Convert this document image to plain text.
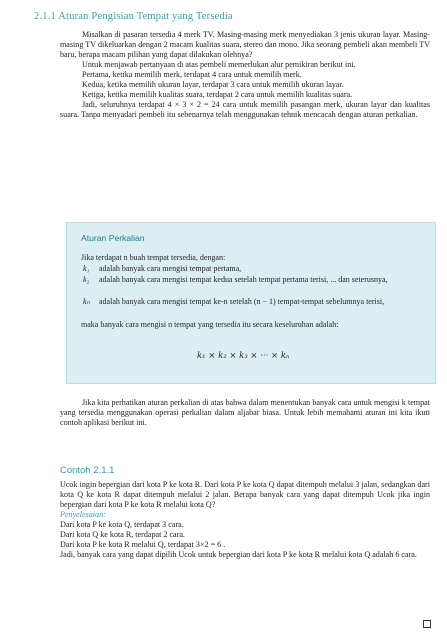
2.1.1 Aturan Pengisian Tempat yang Tersedia

Misalkan di pasaran tersedia 4 merk TV. Masing-masing merk menyediakan 3 jenis ukuran layar. Masing-masing TV dikeluarkan dengan 2 macam kualitas suara, stereo dan mono. Jika seorang pembeli akan membeli TV baru, berapa macam pilihan yang dapat dilakukan olehnya?

Untuk menjawab pertanyaan di atas pembeli memerlukan alur pemikiran berikut ini.

Pertama, ketika memilih merk, terdapat 4 cara untuk memilih merk.

Kedua, ketika memilih ukuran layar, terdapat 3 cara untuk memilih ukuran layar.

Ketiga, ketika memilih kualitas suara, terdapat 2 cara untuk memilih kualitas suara.

Jadi, seluruhnya terdapat 4 × 3 × 2 = 24 cara untuk memilih pasangan merk, ukuran layar dan kualitas suara. Tanpa menyadari pembeli itu sebenarnya telah menggunakan tehnik mencacah dengan aturan perkalian.

Aturan Perkalian
Jika terdapat n buah tempat tersedia, dengan:
k₁ adalah banyak cara mengisi tempat pertama,
k₂ adalah banyak cara mengisi tempat kedua setelah tempat pertama terisi, ... dan seterusnya,
kₙ adalah banyak cara mengisi tempat ke-n setelah (n − 1) tempat-tempat sebelumnya terisi,
maka banyak cara mengisi n tempat yang tersedia itu secara keseluruhan adalah:
k₁ × k₂ × k₃ × ··· × kₙ

Jika kita perhatikan aturan perkalian di atas bahwa dalam menentukan banyak cara untuk mengisi k tempat yang tersedia menggunakan operasi perkalian dalam aljabar biasa. Untuk lebih memahami aturan ini kita ikuti contoh aplikasi berikut ini.

Contoh 2.1.1

Ucok ingin bepergian dari kota P ke kota R. Dari kota P ke kota Q dapat ditempuh melalui 3 jalan, sedangkan dari kota Q ke kota R dapat ditempuh melalui 2 jalan. Berapa banyak cara yang dapat ditempuh Ucok jika ingin bepergian dari kota P ke kota R melalui kota Q?

Penyelesaian:

Dari kota P ke kota Q, terdapat 3 cara.

Dari kota Q ke kota R, terdapat 2 cara.

Dari kota P ke kota R melalui Q, terdapat 3×2 = 6 .

Jadi, banyak cara yang dapat dipilih Ucok untuk bepergian dari kota P ke kota R melalui kota Q adalah 6 cara.
